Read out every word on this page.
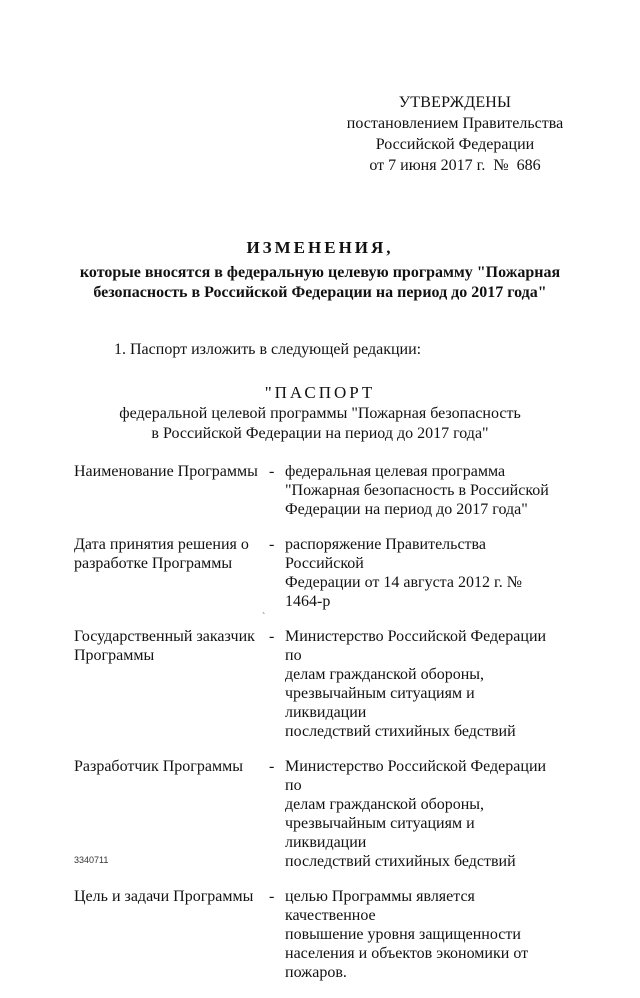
УТВЕРЖДЕНЫ
постановлением Правительства
Российской Федерации
от 7 июня 2017 г.  №  686
ИЗМЕНЕНИЯ,
которые вносятся в федеральную целевую программу "Пожарная
безопасность в Российской Федерации на период до 2017 года"
1. Паспорт изложить в следующей редакции:
"ПАСПОРТ
федеральной целевой программы "Пожарная безопасность
в Российской Федерации на период до 2017 года"
Наименование Программы - федеральная целевая программа
"Пожарная безопасность в Российской
Федерации на период до 2017 года"
Дата принятия решения о
разработке Программы
- распоряжение Правительства Российской
Федерации от 14 августа 2012 г. № 1464-р
Государственный заказчик
Программы
- Министерство Российской Федерации по
делам гражданской обороны,
чрезвычайным ситуациям и ликвидации
последствий стихийных бедствий
Разработчик Программы	- Министерство Российской Федерации по
делам гражданской обороны,
чрезвычайным ситуациям и ликвидации
последствий стихийных бедствий
Цель и задачи Программы - целью Программы является качественное
повышение уровня защищенности
населения и объектов экономики от
пожаров.
`
3340711
